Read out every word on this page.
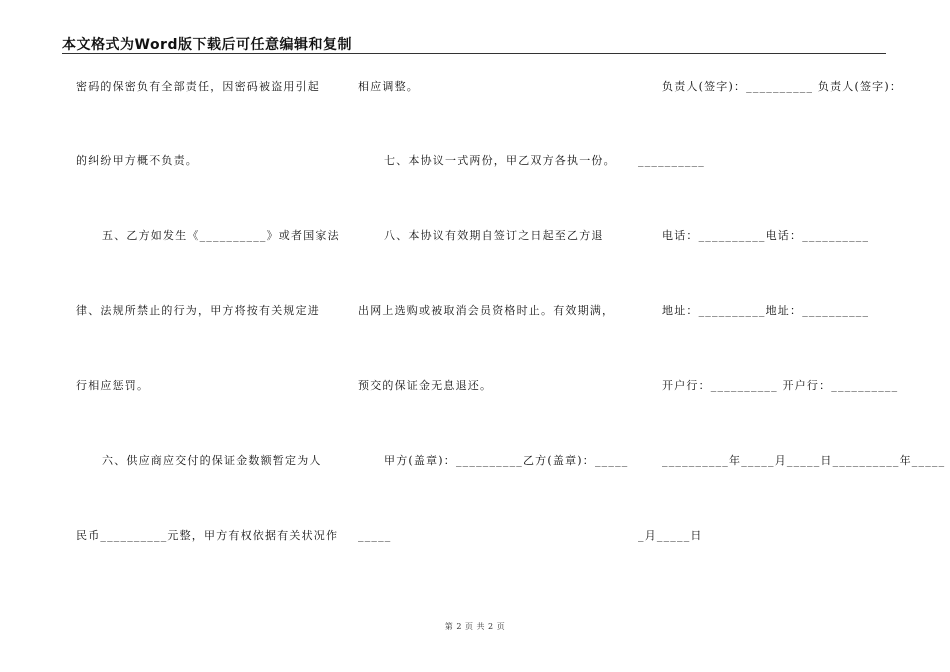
本文格式为Word版下载后可任意编辑和复制
密码的保密负有全部责任，因密码被盗用引起
的纠纷甲方概不负责。
五、乙方如发生《__________》或者国家法
律、法规所禁止的行为，甲方将按有关规定进
行相应惩罚。
六、供应商应交付的保证金数额暂定为人
民币__________元整，甲方有权依据有关状况作
相应调整。
七、本协议一式两份，甲乙双方各执一份。
八、本协议有效期自签订之日起至乙方退
出网上选购或被取消会员资格时止。有效期满，
预交的保证金无息退还。
甲方(盖章)：__________乙方(盖章)：_____
_____
负责人(签字)：__________ 负责人(签字)：
__________
电话：__________电话：__________
地址：__________地址：__________
开户行：__________ 开户行：__________
__________年_____月_____日__________年_____
_月_____日
第 2 页 共 2 页
